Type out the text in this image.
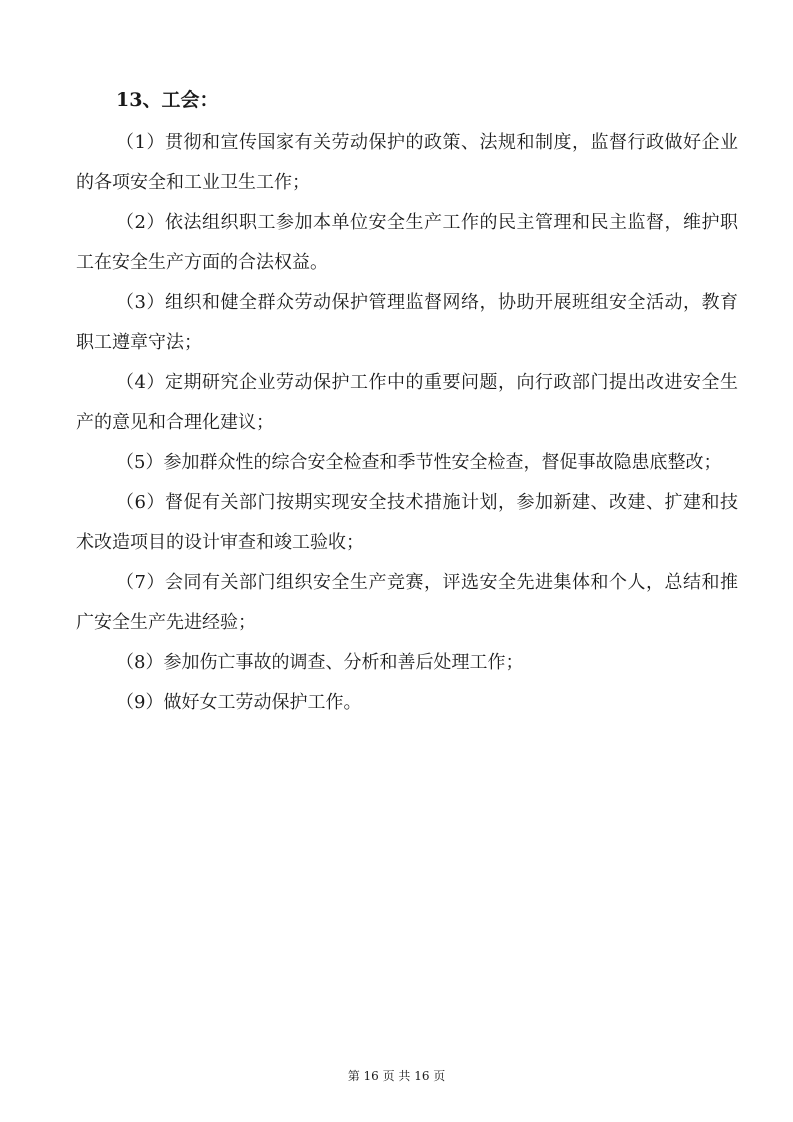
13、工会：

（1）贯彻和宣传国家有关劳动保护的政策、法规和制度，监督行政做好企业的各项安全和工业卫生工作；

（2）依法组织职工参加本单位安全生产工作的民主管理和民主监督，维护职工在安全生产方面的合法权益。

（3）组织和健全群众劳动保护管理监督网络，协助开展班组安全活动，教育职工遵章守法；

（4）定期研究企业劳动保护工作中的重要问题，向行政部门提出改进安全生产的意见和合理化建议；

（5）参加群众性的综合安全检查和季节性安全检查，督促事故隐患底整改；

（6）督促有关部门按期实现安全技术措施计划，参加新建、改建、扩建和技术改造项目的设计审查和竣工验收；

（7）会同有关部门组织安全生产竞赛，评选安全先进集体和个人，总结和推广安全生产先进经验；

（8）参加伤亡事故的调查、分析和善后处理工作；

（9）做好女工劳动保护工作。

第 16 页 共 16 页
